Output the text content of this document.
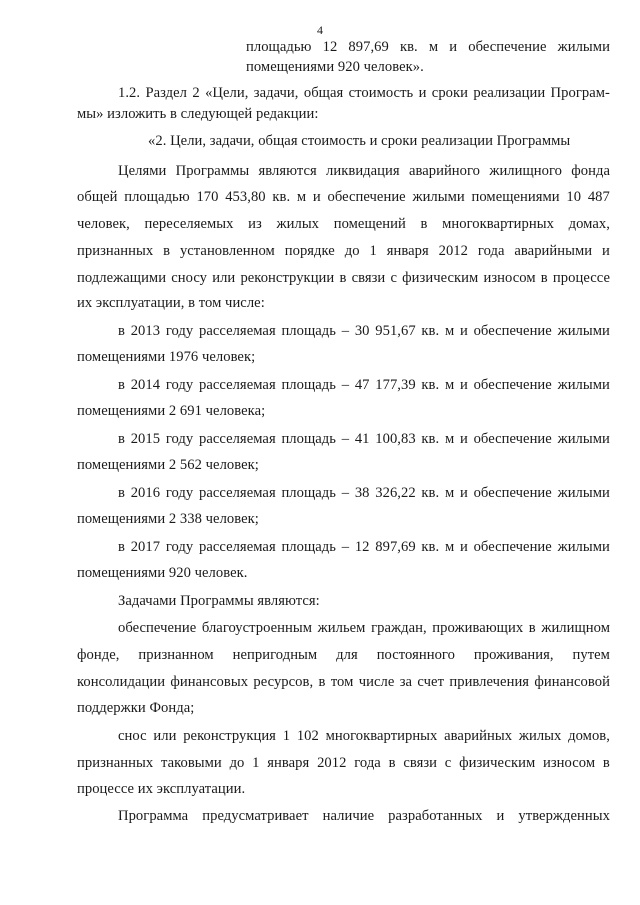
4
площадью 12 897,69 кв. м и обеспечение жилыми
помещениями 920 человек».
1.2. Раздел 2 «Цели, задачи, общая стоимость и сроки реализации Програм-
мы» изложить в следующей редакции:
«2. Цели, задачи, общая стоимость и сроки реализации Программы
Целями Программы являются ликвидация аварийного жилищного фонда
общей площадью 170 453,80 кв. м и обеспечение жилыми помещениями 10 487
человек, переселяемых из жилых помещений в многоквартирных домах,
признанных в установленном порядке до 1 января 2012 года аварийными и
подлежащими сносу или реконструкции в связи с физическим износом в процессе
их эксплуатации, в том числе:
в 2013 году расселяемая площадь – 30 951,67 кв. м и обеспечение жилыми
помещениями 1976 человек;
в 2014 году расселяемая площадь – 47 177,39 кв. м и обеспечение жилыми
помещениями 2 691 человека;
в 2015 году расселяемая площадь – 41 100,83 кв. м и обеспечение жилыми
помещениями 2 562 человек;
в 2016 году расселяемая площадь – 38 326,22 кв. м и обеспечение жилыми
помещениями 2 338 человек;
в 2017 году расселяемая площадь – 12 897,69 кв. м и обеспечение жилыми
помещениями 920 человек.
Задачами Программы являются:
обеспечение благоустроенным жильем граждан, проживающих в жилищном
фонде, признанном непригодным для постоянного проживания, путем
консолидации финансовых ресурсов, в том числе за счет привлечения финансовой
поддержки Фонда;
снос или реконструкция 1 102 многоквартирных аварийных жилых домов,
признанных таковыми до 1 января 2012 года в связи с физическим износом в
процессе их эксплуатации.
Программа предусматривает наличие разработанных и утвержденных
